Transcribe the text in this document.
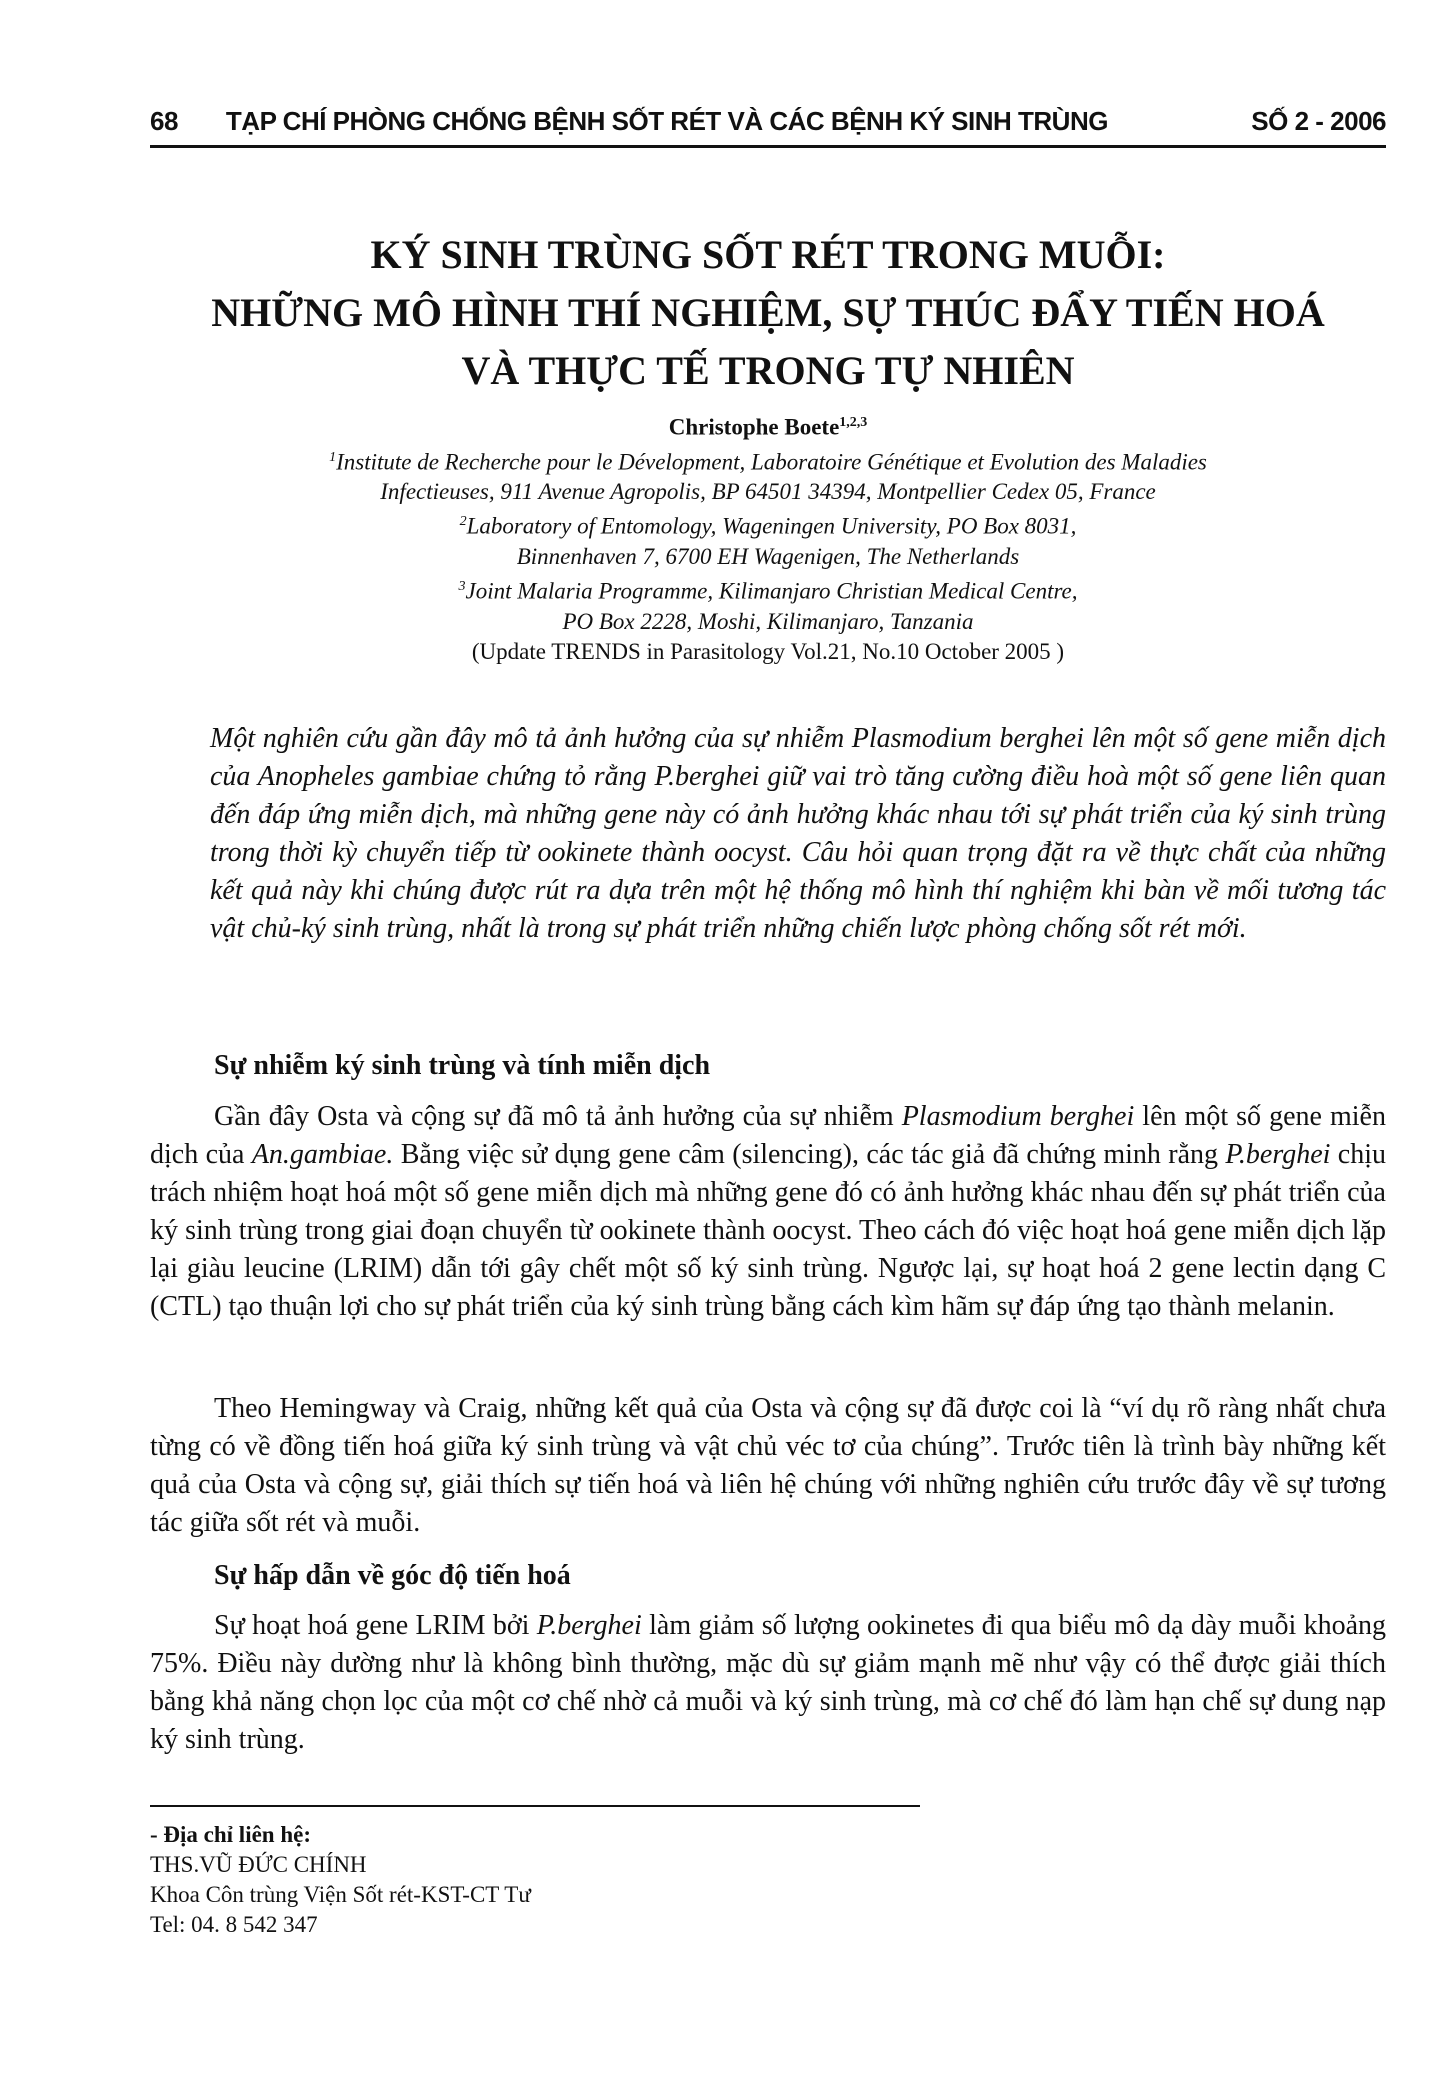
68	TẠP CHÍ PHÒNG CHỐNG BỆNH SỐT RÉT VÀ CÁC BỆNH KÝ SINH TRÙNG	SỐ 2 - 2006
KÝ SINH TRÙNG SỐT RÉT TRONG MUỖI:
NHỮNG MÔ HÌNH THÍ NGHIỆM, SỰ THÚC ĐẨY TIẾN HOÁ
VÀ THỰC TẾ TRONG TỰ NHIÊN
Christophe Boete$^{1,2,3}$
$^1$Institute de Recherche pour le Dévelopment, Laboratoire Génétique et Evolution des Maladies
Infectieuses, 911 Avenue Agropolis, BP 64501 34394, Montpellier Cedex 05, France
$^2$Laboratory of Entomology, Wageningen University, PO Box 8031,
Binnenhaven 7, 6700 EH Wagenigen, The Netherlands
$^3$Joint Malaria Programme, Kilimanjaro Christian Medical Centre,
PO Box 2228, Moshi, Kilimanjaro, Tanzania
(Update TRENDS in Parasitology Vol.21, No.10 October 2005 )
Một nghiên cứu gần đây mô tả ảnh hưởng của sự nhiễm Plasmodium berghei lên một số gene miễn dịch của Anopheles gambiae chứng tỏ rằng P.berghei giữ vai trò tăng cường điều hoà một số gene liên quan đến đáp ứng miễn dịch, mà những gene này có ảnh hưởng khác nhau tới sự phát triển của ký sinh trùng trong thời kỳ chuyển tiếp từ ookinete thành oocyst. Câu hỏi quan trọng đặt ra về thực chất của những kết quả này khi chúng được rút ra dựa trên một hệ thống mô hình thí nghiệm khi bàn về mối tương tác vật chủ-ký sinh trùng, nhất là trong sự phát triển những chiến lược phòng chống sốt rét mới.
Sự nhiễm ký sinh trùng và tính miễn dịch
Gần đây Osta và cộng sự đã mô tả ảnh hưởng của sự nhiễm Plasmodium berghei lên một số gene miễn dịch của An.gambiae. Bằng việc sử dụng gene câm (silencing), các tác giả đã chứng minh rằng P.berghei chịu trách nhiệm hoạt hoá một số gene miễn dịch mà những gene đó có ảnh hưởng khác nhau đến sự phát triển của ký sinh trùng trong giai đoạn chuyển từ ookinete thành oocyst. Theo cách đó việc hoạt hoá gene miễn dịch lặp lại giàu leucine (LRIM) dẫn tới gây chết một số ký sinh trùng. Ngược lại, sự hoạt hoá 2 gene lectin dạng C (CTL) tạo thuận lợi cho sự phát triển của ký sinh trùng bằng cách kìm hãm sự đáp ứng tạo thành melanin.
Theo Hemingway và Craig, những kết quả của Osta và cộng sự đã được coi là “ví dụ rõ ràng nhất chưa từng có về đồng tiến hoá giữa ký sinh trùng và vật chủ véc tơ của chúng”. Trước tiên là trình bày những kết quả của Osta và cộng sự, giải thích sự tiến hoá và liên hệ chúng với những nghiên cứu trước đây về sự tương tác giữa sốt rét và muỗi.
Sự hấp dẫn về góc độ tiến hoá
Sự hoạt hoá gene LRIM bởi P.berghei làm giảm số lượng ookinetes đi qua biểu mô dạ dày muỗi khoảng 75%. Điều này dường như là không bình thường, mặc dù sự giảm mạnh mẽ như vậy có thể được giải thích bằng khả năng chọn lọc của một cơ chế nhờ cả muỗi và ký sinh trùng, mà cơ chế đó làm hạn chế sự dung nạp ký sinh trùng.
- Địa chỉ liên hệ:
THS.VŨ ĐỨC CHÍNH
Khoa Côn trùng Viện Sốt rét-KST-CT Tư
Tel: 04. 8 542 347
